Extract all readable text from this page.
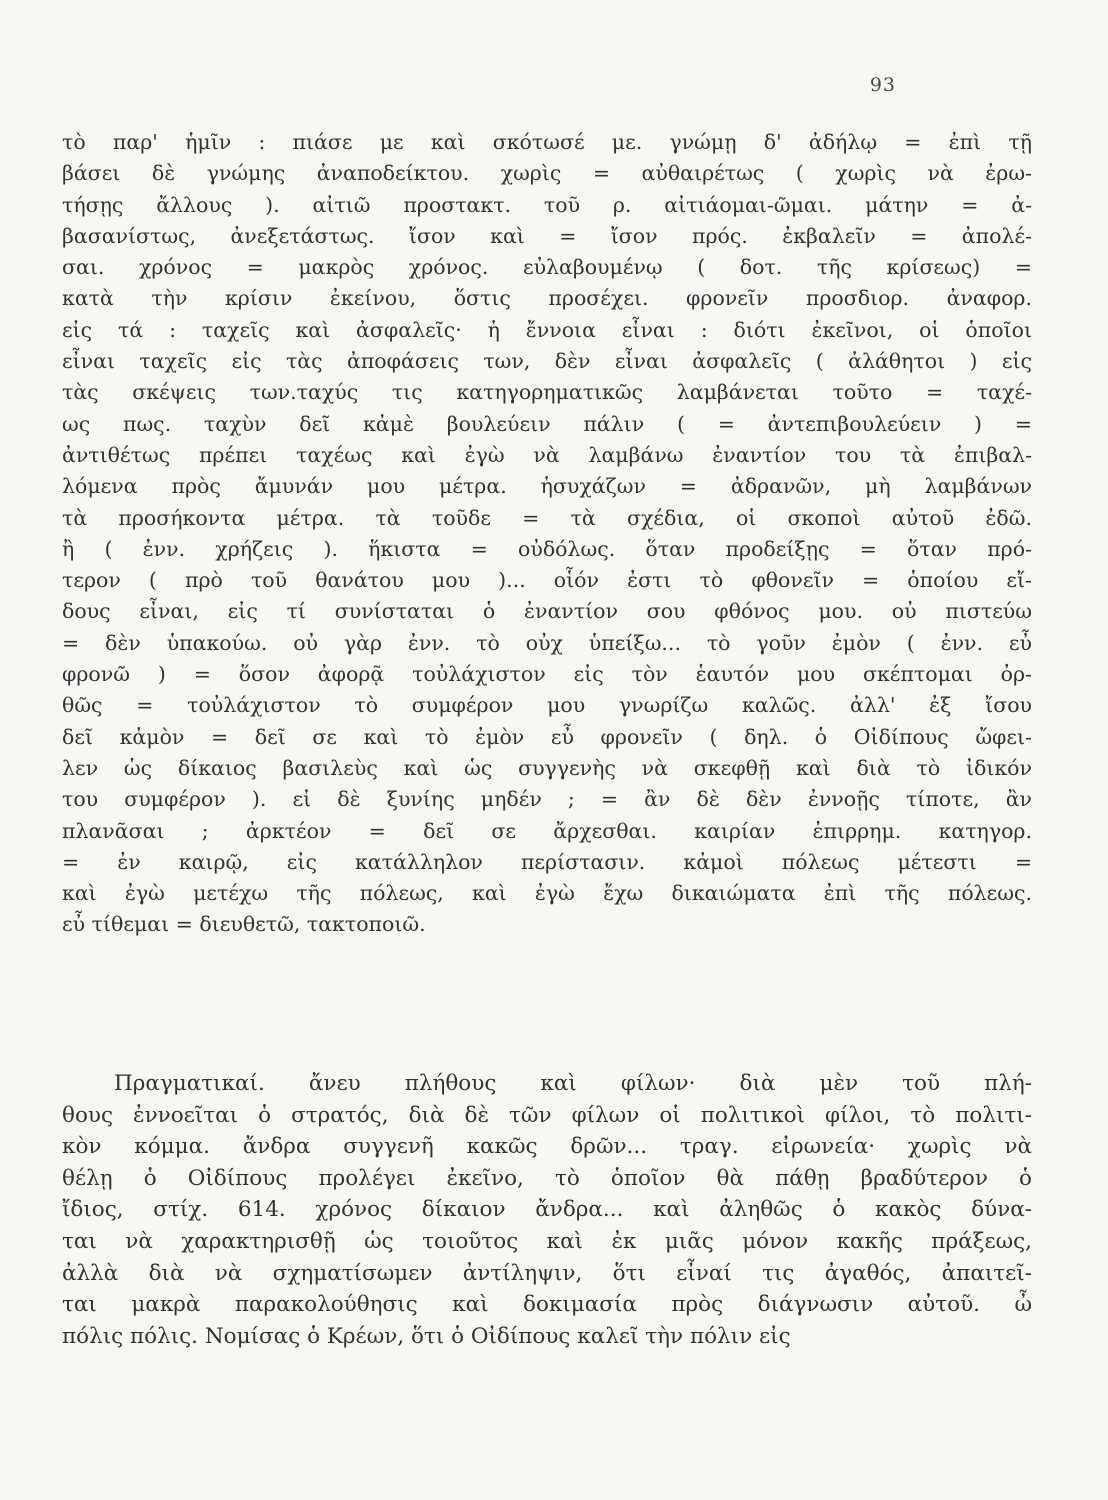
93
τὸ παρ' ἡμῖν : πιάσε με καὶ σκότωσέ με. γνώμῃ δ' ἀδήλῳ = ἐπὶ τῇ
βάσει δὲ γνώμης ἀναποδείκτου. χωρὶς = αὐθαιρέτως ( χωρὶς νὰ ἐρω-
τήσῃς ἄλλους ). αἰτιῶ προστακτ. τοῦ ρ. αἰτιάομαι-ῶμαι. μάτην = ἀ-
βασανίστως, ἀνεξετάστως. ἴσον καὶ = ἴσον πρός. ἐκβαλεῖν = ἀπολέ-
σαι. χρόνος = μακρὸς χρόνος. εὐλαβουμένῳ ( δοτ. τῆς κρίσεως) =
κατὰ τὴν κρίσιν ἐκείνου, ὅστις προσέχει. φρονεῖν προσδιορ. ἀναφορ.
εἰς τά : ταχεῖς καὶ ἀσφαλεῖς· ἡ ἔννοια εἶναι : διότι ἐκεῖνοι, οἱ ὁποῖοι
εἶναι ταχεῖς εἰς τὰς ἀποφάσεις των, δὲν εἶναι ἀσφαλεῖς ( ἀλάθητοι ) εἰς
τὰς σκέψεις των.ταχύς τις κατηγορηματικῶς λαμβάνεται τοῦτο = ταχέ-
ως πως. ταχὺν δεῖ κἀμὲ βουλεύειν πάλιν ( = ἀντεπιβουλεύειν ) =
ἀντιθέτως πρέπει ταχέως καὶ ἐγὼ νὰ λαμβάνω ἐναντίον του τὰ ἐπιβαλ-
λόμενα πρὸς ἄμυνάν μου μέτρα. ἡσυχάζων = ἀδρανῶν, μὴ λαμβάνων
τὰ προσήκοντα μέτρα. τὰ τοῦδε = τὰ σχέδια, οἱ σκοποὶ αὐτοῦ ἐδῶ.
ἢ ( ἐνν. χρήζεις ). ἥκιστα = οὐδόλως. ὅταν προδείξῃς = ὅταν πρό-
τερον ( πρὸ τοῦ θανάτου μου )... οἷόν ἐστι τὸ φθονεῖν = ὁποίου εἴ-
δους εἶναι, εἰς τί συνίσταται ὁ ἐναντίον σου φθόνος μου. οὐ πιστεύω
= δὲν ὑπακούω. οὐ γὰρ ἐνν. τὸ οὐχ ὑπείξω... τὸ γοῦν ἐμὸν ( ἐνν. εὖ
φρονῶ ) = ὅσον ἀφορᾷ τοὐλάχιστον εἰς τὸν ἑαυτόν μου σκέπτομαι ὀρ-
θῶς = τοὐλάχιστον τὸ συμφέρον μου γνωρίζω καλῶς. ἀλλ' ἐξ ἴσου
δεῖ κἀμὸν = δεῖ σε καὶ τὸ ἐμὸν εὖ φρονεῖν ( δηλ. ὁ Οἰδίπους ὤφει-
λεν ὡς δίκαιος βασιλεὺς καὶ ὡς συγγενὴς νὰ σκεφθῇ καὶ διὰ τὸ ἰδικόν
του συμφέρον ). εἰ δὲ ξυνίης μηδέν ; = ἂν δὲ δὲν ἐννοῇς τίποτε, ἂν
πλανᾶσαι ; ἀρκτέον = δεῖ σε ἄρχεσθαι. καιρίαν ἐπιρρημ. κατηγορ.
= ἐν καιρῷ, εἰς κατάλληλον περίστασιν. κἀμοὶ πόλεως μέτεστι =
καὶ ἐγὼ μετέχω τῆς πόλεως, καὶ ἐγὼ ἔχω δικαιώματα ἐπὶ τῆς πόλεως.
εὖ τίθεμαι = διευθετῶ, τακτοποιῶ.
Πραγματικαί. ἄνευ πλήθους καὶ φίλων· διὰ μὲν τοῦ πλή-
θους ἐννοεῖται ὁ στρατός, διὰ δὲ τῶν φίλων οἱ πολιτικοὶ φίλοι, τὸ πολιτι-
κὸν κόμμα. ἄνδρα συγγενῆ κακῶς δρῶν... τραγ. εἰρωνεία· χωρὶς νὰ
θέλῃ ὁ Οἰδίπους προλέγει ἐκεῖνο, τὸ ὁποῖον θὰ πάθῃ βραδύτερον ὁ
ἴδιος, στίχ. 614. χρόνος δίκαιον ἄνδρα... καὶ ἀληθῶς ὁ κακὸς δύνα-
ται νὰ χαρακτηρισθῇ ὡς τοιοῦτος καὶ ἐκ μιᾶς μόνον κακῆς πράξεως,
ἀλλὰ διὰ νὰ σχηματίσωμεν ἀντίληψιν, ὅτι εἶναί τις ἀγαθός, ἀπαιτεῖ-
ται μακρὰ παρακολούθησις καὶ δοκιμασία πρὸς διάγνωσιν αὐτοῦ. ὦ
πόλις πόλις. Νομίσας ὁ Κρέων, ὅτι ὁ Οἰδίπους καλεῖ τὴν πόλιν εἰς
